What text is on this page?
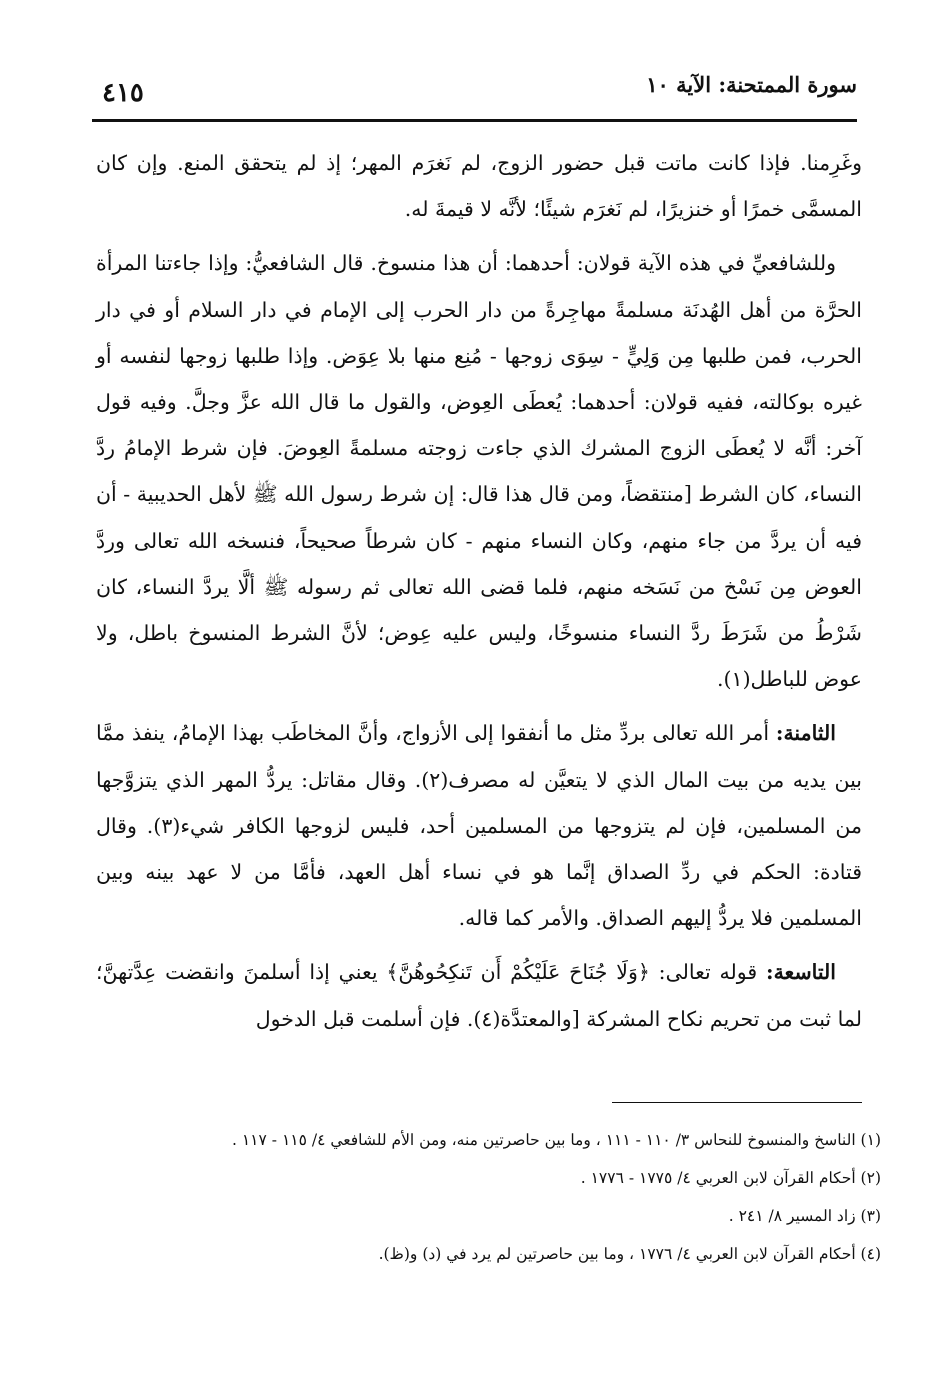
سورة الممتحنة: الآية ١٠
٤١٥

وغَرِمنا. فإذا كانت ماتت قبل حضور الزوج، لم نَغرَم المهر؛ إذ لم يتحقق المنع. وإن كان المسمَّى خمرًا أو خنزيرًا، لم نَغرَم شيئًا؛ لأنَّه لا قيمةَ له.

وللشافعيِّ في هذه الآية قولان: أحدهما: أن هذا منسوخ. قال الشافعيُّ: وإذا جاءتنا المرأة الحرَّة من أهل الهُدنَة مسلمةً مهاجِرةً من دار الحرب إلى الإمام في دار السلام أو في دار الحرب، فمن طلبها مِن وَلِيٍّ - سِوَى زوجها - مُنِع منها بلا عِوَض. وإذا طلبها زوجها لنفسه أو غيره بوكالته، ففيه قولان: أحدهما: يُعطَى العِوض، والقول ما قال الله عزَّ وجلَّ. وفيه قول آخر: أنَّه لا يُعطَى الزوج المشرك الذي جاءت زوجته مسلمةً العِوضَ. فإن شرط الإمامُ ردَّ النساء، كان الشرط [منتقضاً، ومن قال هذا قال: إن شرط رسول الله ﷺ لأهل الحديبية - أن فيه أن يردَّ من جاء منهم، وكان النساء منهم - كان شرطاً صحيحاً، فنسخه الله تعالى وردَّ العوض مِن نَسْخ من نَسَخه منهم، فلما قضى الله تعالى ثم رسوله ﷺ ألَّا يردَّ النساء، كان شَرْطُ من شَرَطَ ردَّ النساء منسوخًا، وليس عليه عِوض؛ لأنَّ الشرط المنسوخ باطل، ولا عوض للباطل(١).

الثامنة: أمر الله تعالى بردِّ مثل ما أنفقوا إلى الأزواج، وأنَّ المخاطَب بهذا الإمامُ، ينفذ ممَّا بين يديه من بيت المال الذي لا يتعيَّن له مصرف(٢). وقال مقاتل: يردُّ المهر الذي يتزوَّجها من المسلمين، فإن لم يتزوجها من المسلمين أحد، فليس لزوجها الكافر شيء(٣). وقال قتادة: الحكم في ردِّ الصداق إنَّما هو في نساء أهل العهد، فأمَّا من لا عهد بينه وبين المسلمين فلا يردُّ إليهم الصداق. والأمر كما قاله.

التاسعة: قوله تعالى: ﴿وَلَا جُنَاحَ عَلَيْكُمْ أَن تَنكِحُوهُنَّ﴾ يعني إذا أسلمنَ وانقضت عِدَّتهنَّ؛ لما ثبت من تحريم نكاح المشركة [والمعتدَّة(٤). فإن أسلمت قبل الدخول

(١) الناسخ والمنسوخ للنحاس ٣/ ١١٠ - ١١١ ، وما بين حاصرتين منه، ومن الأم للشافعي ٤/ ١١٥ - ١١٧ .

(٢) أحكام القرآن لابن العربي ٤/ ١٧٧٥ - ١٧٧٦ .

(٣) زاد المسير ٨/ ٢٤١ .

(٤) أحكام القرآن لابن العربي ٤/ ١٧٧٦ ، وما بين حاصرتين لم يرد في (د) و(ظ).
